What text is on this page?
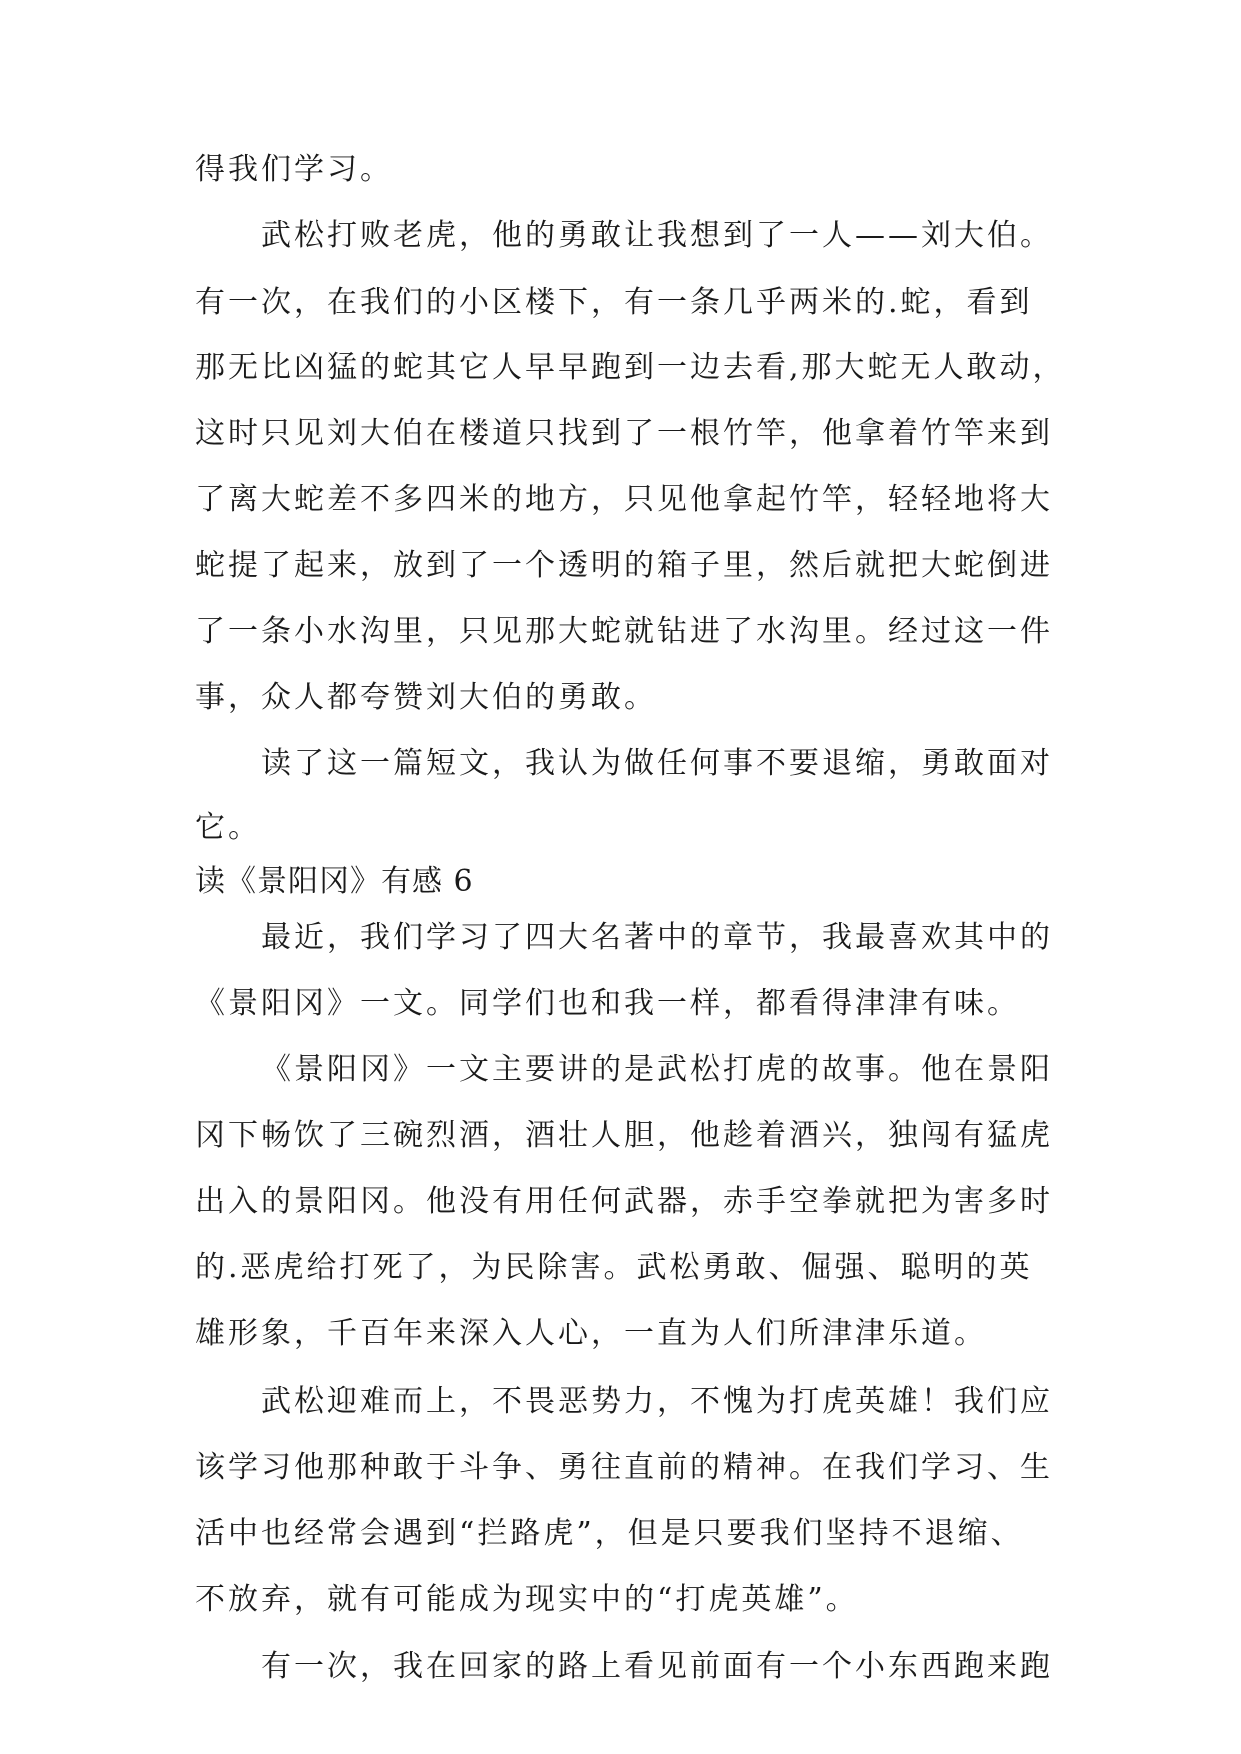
得我们学习。
武松打败老虎，他的勇敢让我想到了一人——刘大伯。
有一次，在我们的小区楼下，有一条几乎两米的.蛇，看到
那无比凶猛的蛇其它人早早跑到一边去看,那大蛇无人敢动，
这时只见刘大伯在楼道只找到了一根竹竿，他拿着竹竿来到
了离大蛇差不多四米的地方，只见他拿起竹竿，轻轻地将大
蛇提了起来，放到了一个透明的箱子里，然后就把大蛇倒进
了一条小水沟里，只见那大蛇就钻进了水沟里。经过这一件
事，众人都夸赞刘大伯的勇敢。
读了这一篇短文，我认为做任何事不要退缩，勇敢面对
它。
读《景阳冈》有感 6
最近，我们学习了四大名著中的章节，我最喜欢其中的
《景阳冈》一文。同学们也和我一样，都看得津津有味。
《景阳冈》一文主要讲的是武松打虎的故事。他在景阳
冈下畅饮了三碗烈酒，酒壮人胆，他趁着酒兴，独闯有猛虎
出入的景阳冈。他没有用任何武器，赤手空拳就把为害多时
的.恶虎给打死了，为民除害。武松勇敢、倔强、聪明的英
雄形象，千百年来深入人心，一直为人们所津津乐道。
武松迎难而上，不畏恶势力，不愧为打虎英雄！我们应
该学习他那种敢于斗争、勇往直前的精神。在我们学习、生
活中也经常会遇到“拦路虎”，但是只要我们坚持不退缩、
不放弃，就有可能成为现实中的“打虎英雄”。
有一次，我在回家的路上看见前面有一个小东西跑来跑
